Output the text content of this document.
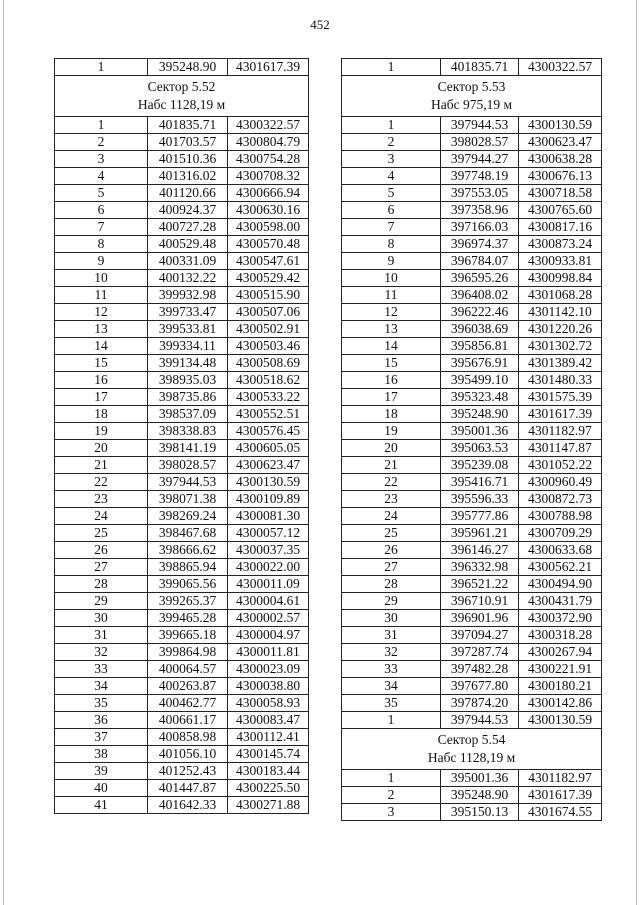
452
1	395248.90	4301617.39

Сектор 5.52
Набс 1128,19 м		

1	401835.71	4300322.57
2	401703.57	4300804.79
3	401510.36	4300754.28
4	401316.02	4300708.32
5	401120.66	4300666.94
6	400924.37	4300630.16
7	400727.28	4300598.00
8	400529.48	4300570.48
9	400331.09	4300547.61
10	400132.22	4300529.42
11	399932.98	4300515.90
12	399733.47	4300507.06
13	399533.81	4300502.91
14	399334.11	4300503.46
15	399134.48	4300508.69
16	398935.03	4300518.62
17	398735.86	4300533.22
18	398537.09	4300552.51
19	398338.83	4300576.45
20	398141.19	4300605.05
21	398028.57	4300623.47
22	397944.53	4300130.59
23	398071.38	4300109.89
24	398269.24	4300081.30
25	398467.68	4300057.12
26	398666.62	4300037.35
27	398865.94	4300022.00
28	399065.56	4300011.09
29	399265.37	4300004.61
30	399465.28	4300002.57
31	399665.18	4300004.97
32	399864.98	4300011.81
33	400064.57	4300023.09
34	400263.87	4300038.80
35	400462.77	4300058.93
36	400661.17	4300083.47
37	400858.98	4300112.41
38	401056.10	4300145.74
39	401252.43	4300183.44
40	401447.87	4300225.50
41	401642.33	4300271.88
1	401835.71	4300322.57

Сектор 5.53
Набс 975,19 м		

1	397944.53	4300130.59
2	398028.57	4300623.47
3	397944.27	4300638.28
4	397748.19	4300676.13
5	397553.05	4300718.58
6	397358.96	4300765.60
7	397166.03	4300817.16
8	396974.37	4300873.24
9	396784.07	4300933.81
10	396595.26	4300998.84
11	396408.02	4301068.28
12	396222.46	4301142.10
13	396038.69	4301220.26
14	395856.81	4301302.72
15	395676.91	4301389.42
16	395499.10	4301480.33
17	395323.48	4301575.39
18	395248.90	4301617.39
19	395001.36	4301182.97
20	395063.53	4301147.87
21	395239.08	4301052.22
22	395416.71	4300960.49
23	395596.33	4300872.73
24	395777.86	4300788.98
25	395961.21	4300709.29
26	396146.27	4300633.68
27	396332.98	4300562.21
28	396521.22	4300494.90
29	396710.91	4300431.79
30	396901.96	4300372.90
31	397094.27	4300318.28
32	397287.74	4300267.94
33	397482.28	4300221.91
34	397677.80	4300180.21
35	397874.20	4300142.86
1	397944.53	4300130.59

Сектор 5.54
Набс 1128,19 м		

1	395001.36	4301182.97
2	395248.90	4301617.39
3	395150.13	4301674.55
